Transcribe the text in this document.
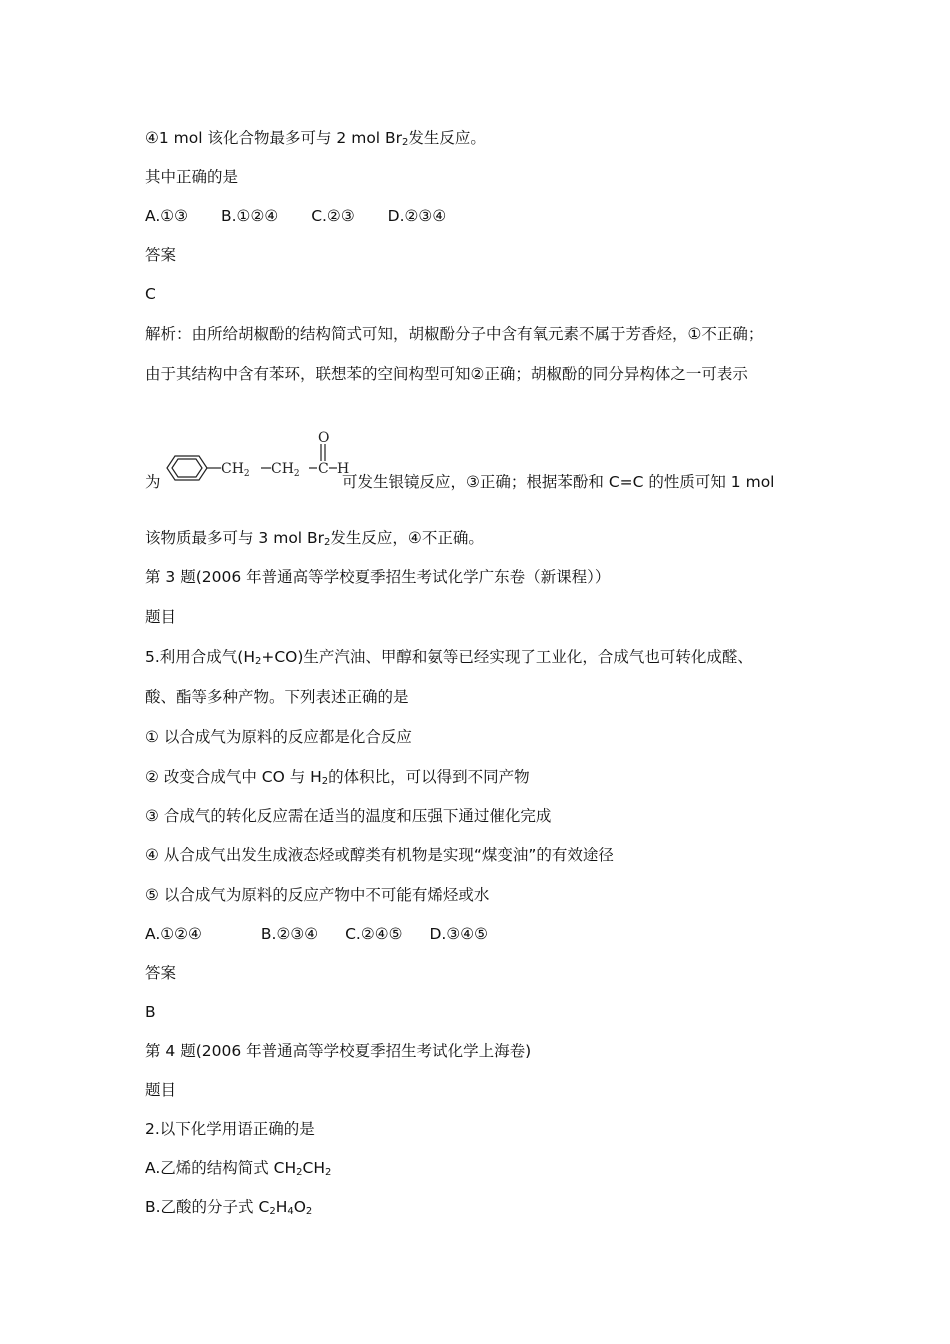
④1 mol 该化合物最多可与 2 mol $Br_2$发生反应。
其中正确的是
A.①③ B.①②④ C.②③ D.②③④
答案
C
解析：由所给胡椒酚的结构简式可知，胡椒酚分子中含有氧元素不属于芳香烃，①不正确；
由于其结构中含有苯环，联想苯的空间构型可知②正确；胡椒酚的同分异构体之一可表示
为
$CH_2$ $CH_2$ C H
O
可发生银镜反应，③正确；根据苯酚和 C=C 的性质可知 1 mol
该物质最多可与 3 mol $Br_2$发生反应，④不正确。
第 3 题(2006 年普通高等学校夏季招生考试化学广东卷（新课程））
题目
5.利用合成气$(H_2+CO)$生产汽油、甲醇和氨等已经实现了工业化，合成气也可转化成醛、
酸、酯等多种产物。下列表述正确的是
① 以合成气为原料的反应都是化合反应
② 改变合成气中 CO 与 $H_2$的体积比，可以得到不同产物
③ 合成气的转化反应需在适当的温度和压强下通过催化完成
④ 从合成气出发生成液态烃或醇类有机物是实现“煤变油”的有效途径
⑤ 以合成气为原料的反应产物中不可能有烯烃或水
A.①②④	B.②③④ C.②④⑤ D.③④⑤
答案
B
第 4 题(2006 年普通高等学校夏季招生考试化学上海卷)
题目
2.以下化学用语正确的是
A.乙烯的结构简式 $CH_2CH_2$
B.乙酸的分子式 $C_2H_4O_2$
